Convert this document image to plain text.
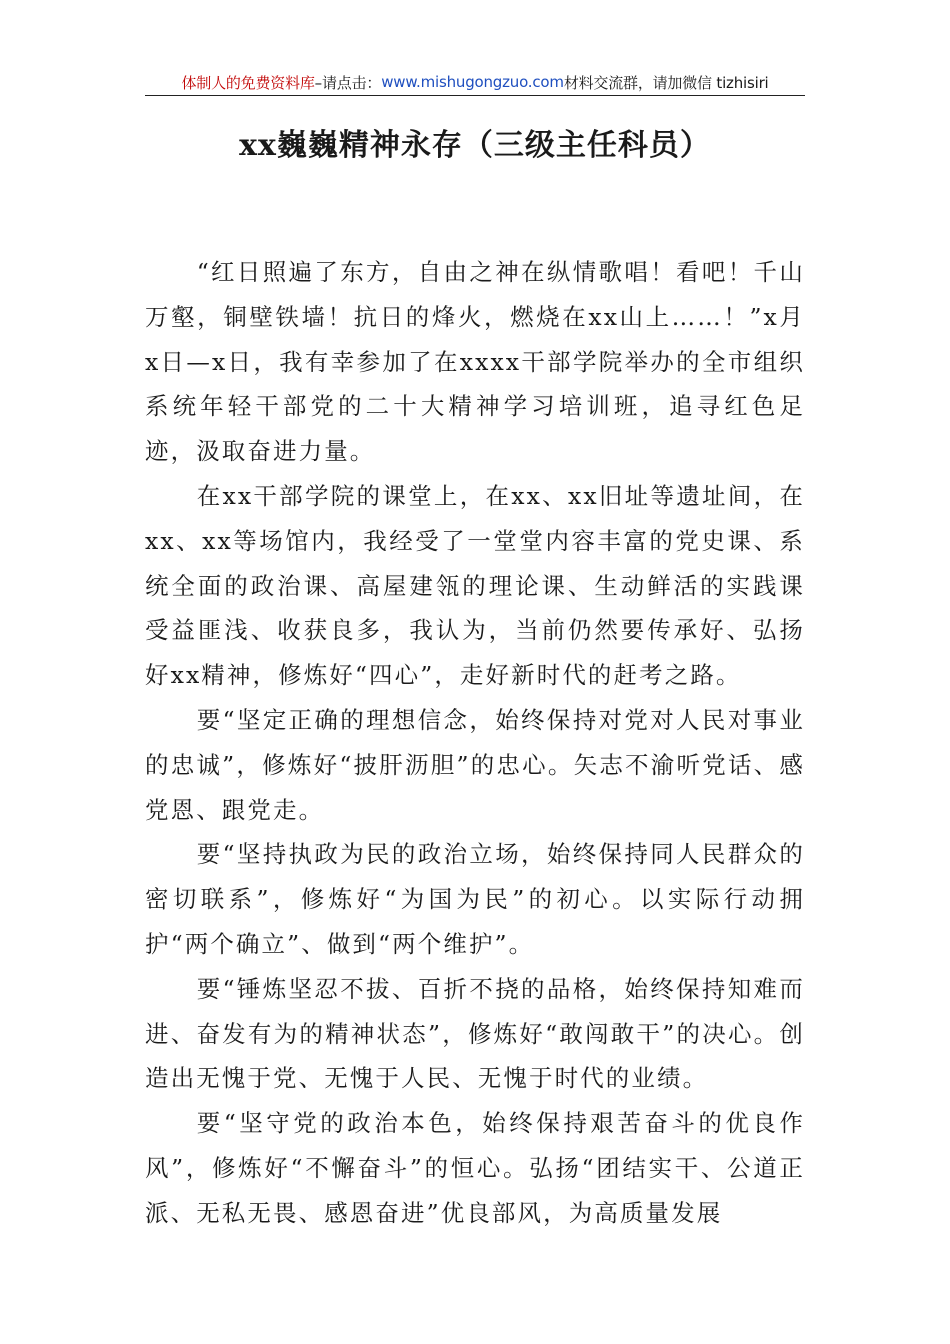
体制人的免费资料库 –请点击： www.mishugongzuo.com 材料交流群，请加微信 tizhisiri
xx巍巍精神永存（三级主任科员）

“红日照遍了东方，自由之神在纵情歌唱！看吧！千山万壑，铜壁铁墙！抗日的烽火，燃烧在xx山上……！”x月x日—x日，我有幸参加了在xxxx干部学院举办的全市组织系统年轻干部党的二十大精神学习培训班，追寻红色足迹，汲取奋进力量。

在xx干部学院的课堂上，在xx、xx旧址等遗址间，在xx、xx等场馆内，我经受了一堂堂内容丰富的党史课、系统全面的政治课、高屋建瓴的理论课、生动鲜活的实践课受益匪浅、收获良多，我认为，当前仍然要传承好、弘扬好xx精神，修炼好“四心”，走好新时代的赶考之路。

要“坚定正确的理想信念，始终保持对党对人民对事业的忠诚”，修炼好“披肝沥胆”的忠心。矢志不渝听党话、感党恩、跟党走。

要“坚持执政为民的政治立场，始终保持同人民群众的密切联系”，修炼好“为国为民”的初心。以实际行动拥护“两个确立”、做到“两个维护”。

要“锤炼坚忍不拔、百折不挠的品格，始终保持知难而进、奋发有为的精神状态”，修炼好“敢闯敢干”的决心。创造出无愧于党、无愧于人民、无愧于时代的业绩。

要“坚守党的政治本色，始终保持艰苦奋斗的优良作风”，修炼好“不懈奋斗”的恒心。弘扬“团结实干、公道正派、无私无畏、感恩奋进”优良部风，为高质量发展
